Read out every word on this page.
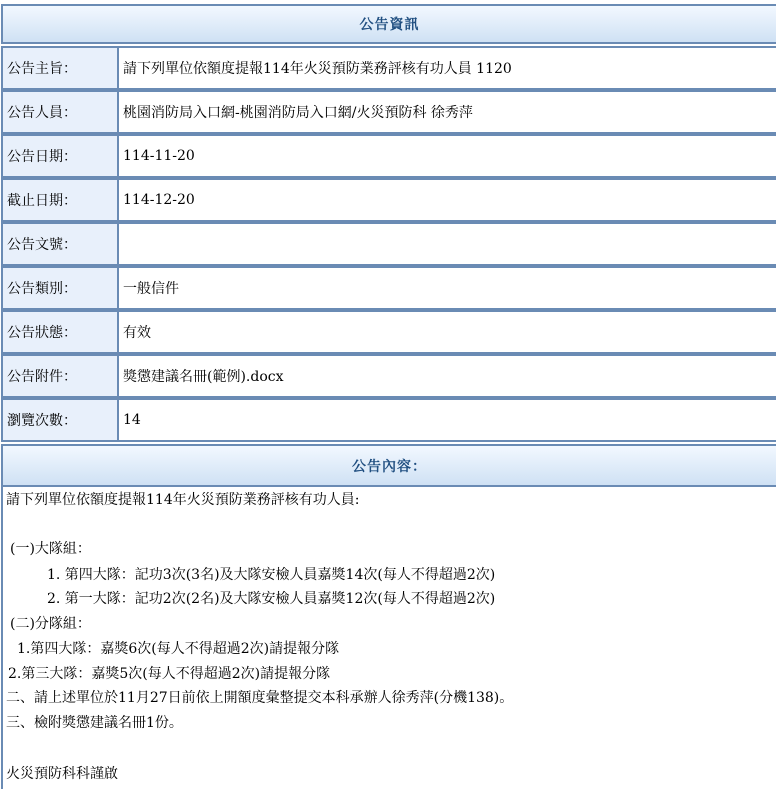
公告資訊
公告主旨：	請下列單位依額度提報114年火災預防業務評核有功人員 1120
公告人員：	桃園消防局入口網-桃園消防局入口網/火災預防科 徐秀萍
公告日期：	114-11-20
截止日期：	114-12-20
公告文號：
公告類別：	一般信件
公告狀態：	有效
公告附件：	獎懲建議名冊(範例).docx
瀏覽次數：	14
公告內容：
請下列單位依額度提報114年火災預防業務評核有功人員:
(一)大隊組：
1. 第四大隊：記功3次(3名)及大隊安檢人員嘉獎14次(每人不得超過2次)
2. 第一大隊：記功2次(2名)及大隊安檢人員嘉獎12次(每人不得超過2次)
(二)分隊組：
1.第四大隊：嘉獎6次(每人不得超過2次)請提報分隊
2.第三大隊：嘉獎5次(每人不得超過2次)請提報分隊
二、請上述單位於11月27日前依上開額度彙整提交本科承辦人徐秀萍(分機138)。
三、檢附獎懲建議名冊1份。
火災預防科科謹啟
